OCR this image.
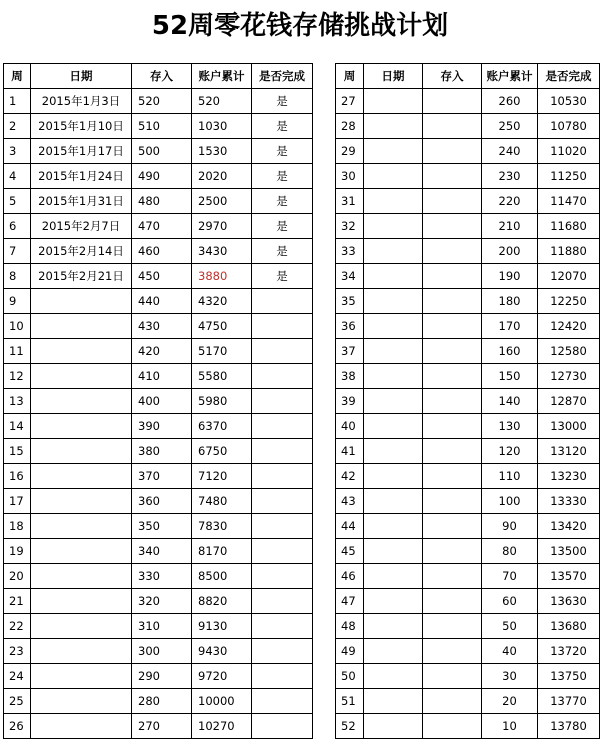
52周零花钱存储挑战计划
周	日期	存入	账户累计	是否完成
1	2015年1月3日	520	520	是
2	2015年1月10日	510	1030	是
3	2015年1月17日	500	1530	是
4	2015年1月24日	490	2020	是
5	2015年1月31日	480	2500	是
6	2015年2月7日	470	2970	是
7	2015年2月14日	460	3430	是
8	2015年2月21日	450	3880	是
9		440	4320	
10		430	4750	
11		420	5170	
12		410	5580	
13		400	5980	
14		390	6370	
15		380	6750	
16		370	7120	
17		360	7480	
18		350	7830	
19		340	8170	
20		330	8500	
21		320	8820	
22		310	9130	
23		300	9430	
24		290	9720	
25		280	10000	
26		270	10270	
周	日期	存入	账户累计	是否完成
27			260	10530
28			250	10780
29			240	11020
30			230	11250
31			220	11470
32			210	11680
33			200	11880
34			190	12070
35			180	12250
36			170	12420
37			160	12580
38			150	12730
39			140	12870
40			130	13000
41			120	13120
42			110	13230
43			100	13330
44			90	13420
45			80	13500
46			70	13570
47			60	13630
48			50	13680
49			40	13720
50			30	13750
51			20	13770
52			10	13780
